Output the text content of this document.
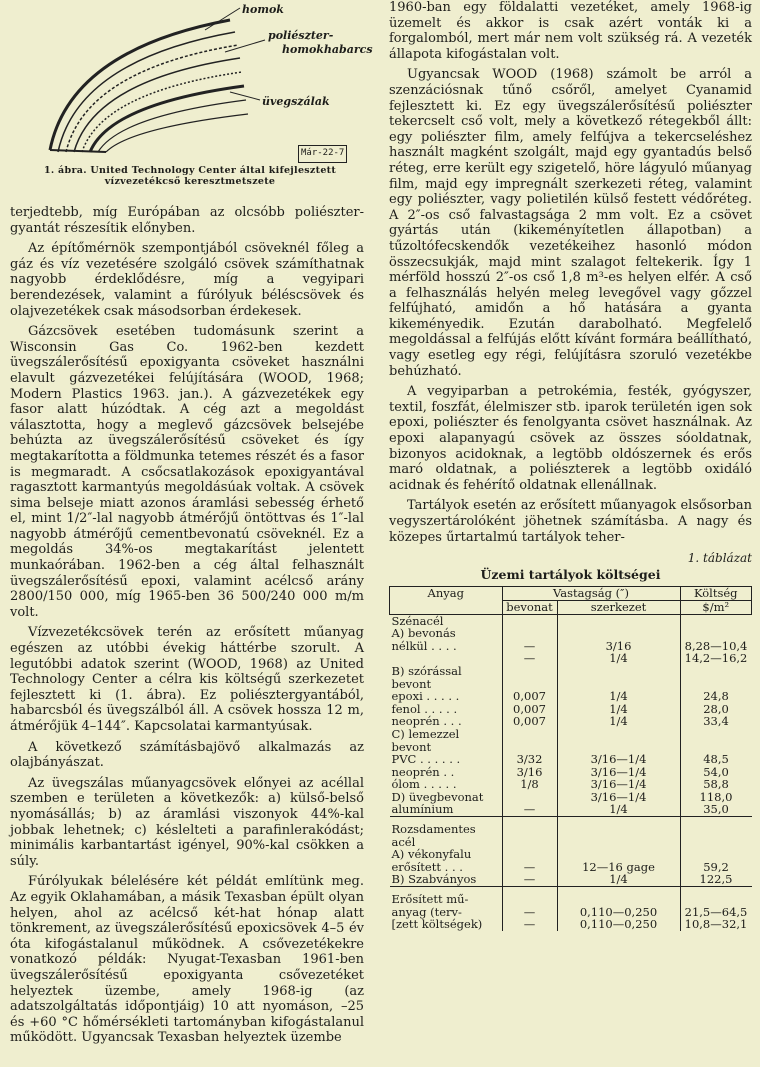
homok
poliészter-
homokhabarcs
üvegszálak
Már-22-7
1. ábra. United Technology Center által kifejlesztett vízvezetékcső keresztmetszete

terjedtebb, míg Európában az olcsóbb poliészter-gyantát részesítik előnyben.

Az építőmérnök szempontjából csöveknél főleg a gáz és víz vezetésére szolgáló csövek számíthatnak nagyobb érdeklődésre, míg a vegyipari berendezések, valamint a fúrólyuk béléscsövek és olajvezetékek csak másodsorban érdekesek.

Gázcsövek esetében tudomásunk szerint a Wisconsin Gas Co. 1962-ben kezdett üvegszálerősítésű epoxigyanta csöveket használni elavult gázvezetékei felújítására (WOOD, 1968; Modern Plastics 1963. jan.). A gázvezetékek egy fasor alatt húzódtak. A cég azt a megoldást választotta, hogy a meglevő gázcsövek belsejébe behúzta az üvegszálerősítésű csöveket és így megtakarította a földmunka tetemes részét és a fasor is megmaradt. A csőcsatlakozások epoxigyantával ragasztott karmantyús megoldásúak voltak. A csövek sima belseje miatt azonos áramlási sebesség érhető el, mint 1/2″-lal nagyobb átmérőjű öntöttvas és 1″-lal nagyobb átmérőjű cementbevonatú csöveknél. Ez a megoldás 34%-os megtakarítást jelentett munkaórában. 1962-ben a cég által felhasznált üvegszálerősítésű epoxi, valamint acélcső arány 2800/150 000, míg 1965-ben 36 500/240 000 m/m volt.

Vízvezetékcsövek terén az erősített műanyag egészen az utóbbi évekig háttérbe szorult. A legutóbbi adatok szerint (WOOD, 1968) az United Technology Center a célra kis költségű szerkezetet fejlesztett ki (1. ábra). Ez poliésztergyantából, habarcsból és üvegszálból áll. A csövek hossza 12 m, átmérőjük 4–144″. Kapcsolatai karmantyúsak.

A következő számításbajövő alkalmazás az olajbányászat.

Az üvegszálas műanyagcsövek előnyei az acéllal szemben e területen a következők: a) külső-belső nyomásállás; b) az áramlási viszonyok 44%-kal jobbak lehetnek; c) késlelteti a parafinlerakódást; minimális karbantartást igényel, 90%-kal csökken a súly.

Fúrólyukak bélelésére két példát említünk meg. Az egyik Oklahamában, a másik Texasban épült olyan helyen, ahol az acélcső két-hat hónap alatt tönkrement, az üvegszálerősítésű epoxicsövek 4–5 év óta kifogástalanul működnek. A csővezetékekre vonatkozó példák: Nyugat-Texasban 1961-ben üvegszálerősítésű epoxigyanta csővezetéket helyeztek üzembe, amely 1968-ig (az adatszolgáltatás időpontjáig) 10 att nyomáson, –25 és +60 °C hőmérsékleti tartományban kifogástalanul működött. Ugyancsak Texasban helyeztek üzembe

1960-ban egy földalatti vezetéket, amely 1968-ig üzemelt és akkor is csak azért vonták ki a forgalomból, mert már nem volt szükség rá. A vezeték állapota kifogástalan volt.

Ugyancsak WOOD (1968) számolt be arról a szenzációsnak tűnő csőről, amelyet Cyanamid fejlesztett ki. Ez egy üvegszálerősítésű poliészter tekercselt cső volt, mely a következő rétegekből állt: egy poliészter film, amely felfújva a tekercseléshez használt magként szolgált, majd egy gyantadús belső réteg, erre került egy szigetelő, höre lágyuló műanyag film, majd egy impregnált szerkezeti réteg, valamint egy poliészter, vagy polietilén külső festett védőréteg. A 2″-os cső falvastagsága 2 mm volt. Ez a csövet gyártás után (kikeményítetlen állapotban) a tűzoltófecskendők vezetékeihez hasonló módon összecsukják, majd mint szalagot feltekerik. Így 1 mérföld hosszú 2″-os cső 1,8 m³-es helyen elfér. A cső a felhasználás helyén meleg levegővel vagy gőzzel felfújható, amidőn a hő hatására a gyanta kikeményedik. Ezután darabolható. Megfelelő megoldással a felfújás előtt kívánt formára beállítható, vagy esetleg egy régi, felújításra szoruló vezetékbe behúzható.

A vegyiparban a petrokémia, festék, gyógyszer, textil, foszfát, élelmiszer stb. iparok területén igen sok epoxi, poliészter és fenolgyanta csövet használnak. Az epoxi alapanyagú csövek az összes sóoldatnak, bizonyos acidoknak, a legtöbb oldószernek és erős maró oldatnak, a poliészterek a legtöbb oxidáló acidnak és fehérítő oldatnak ellenállnak.

Tartályok esetén az erősített műanyagok elsősorban vegyszertárolóként jöhetnek számításba. A nagy és közepes űrtartalmú tartályok teher-

1. táblázat
Üzemi tartályok költségei
Anyag	Vastagság (″)		Költség
	bevonat	szerkezet	$/m²
Szénacél			
A) bevonás			
nélkül . . . .	—	3/16	8,28—10,4
	—	1/4	14,2—16,2
B) szórással			
bevont			
epoxi . . . . .	0,007	1/4	24,8
fenol . . . . .	0,007	1/4	28,0
neoprén . . .	0,007	1/4	33,4
C) lemezzel			
bevont			
PVC . . . . . .	3/32	3/16—1/4	48,5
neoprén . .	3/16	3/16—1/4	54,0
ólom . . . . .	1/8	3/16—1/4	58,8
D) üvegbevonat		3/16—1/4	118,0
alumínium	—	1/4	35,0
Rozsdamentes			
acél			
A) vékonyfalu			
erősített . . .	—	12—16 gage	59,2
B) Szabványos	—	1/4	122,5
Erősített mű-			
anyag (terv-	—	0,110—0,250	21,5—64,5
[zett költségek)	—	0,110—0,250	10,8—32,1
